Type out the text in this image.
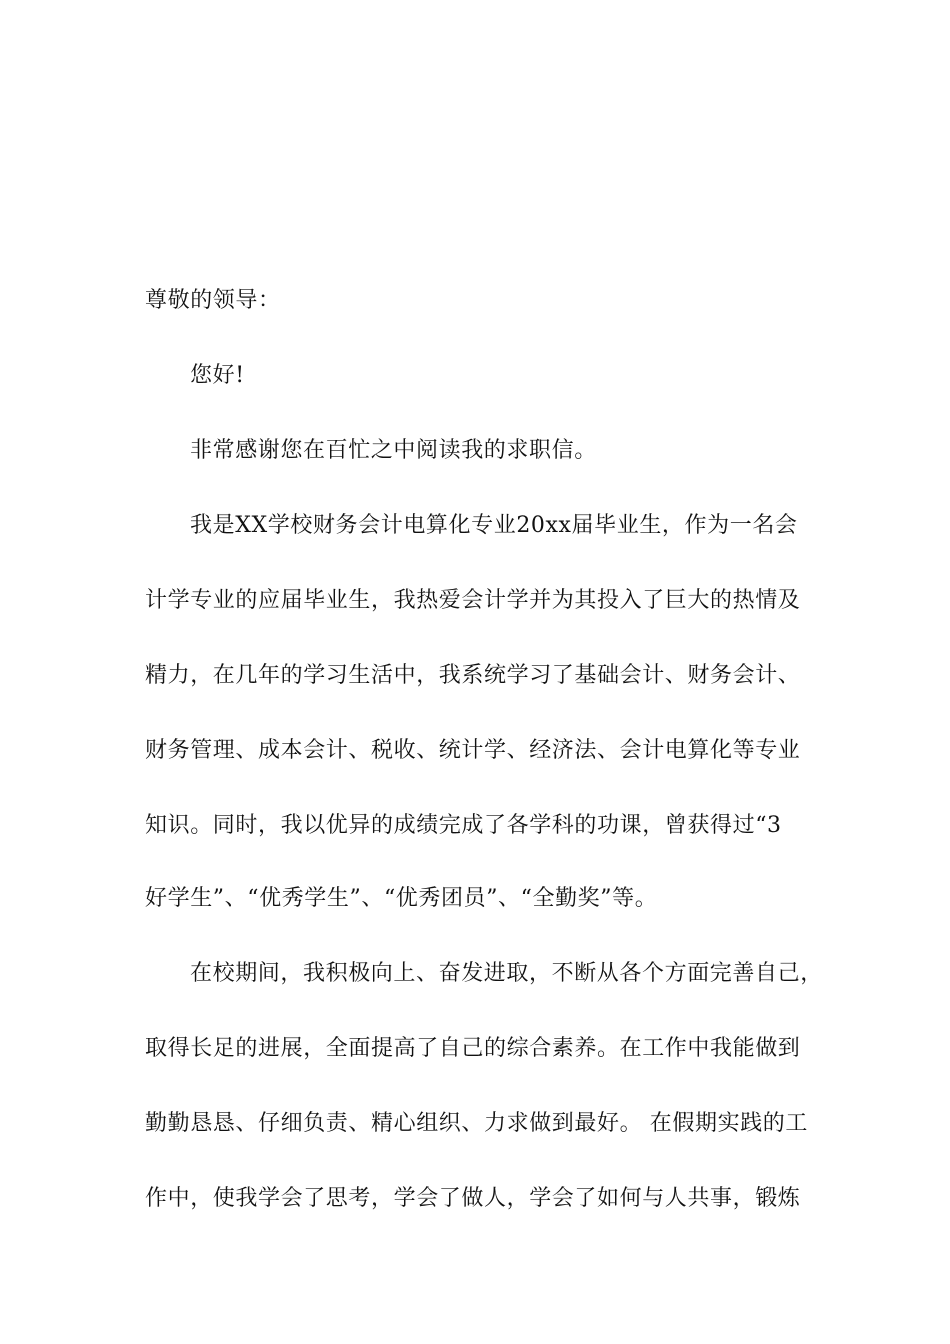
尊敬的领导：
您好!
非常感谢您在百忙之中阅读我的求职信。
我是XX学校财务会计电算化专业20xx届毕业生，作为一名会
计学专业的应届毕业生，我热爱会计学并为其投入了巨大的热情及
精力，在几年的学习生活中，我系统学习了基础会计、财务会计、
财务管理、成本会计、税收、统计学、经济法、会计电算化等专业
知识。同时，我以优异的成绩完成了各学科的功课，曾获得过“3
好学生”、“优秀学生”、“优秀团员”、“全勤奖”等。
在校期间，我积极向上、奋发进取，不断从各个方面完善自己，
取得长足的进展，全面提高了自己的综合素养。在工作中我能做到
勤勤恳恳、仔细负责、精心组织、力求做到最好。 在假期实践的工
作中，使我学会了思考，学会了做人，学会了如何与人共事，锻炼
